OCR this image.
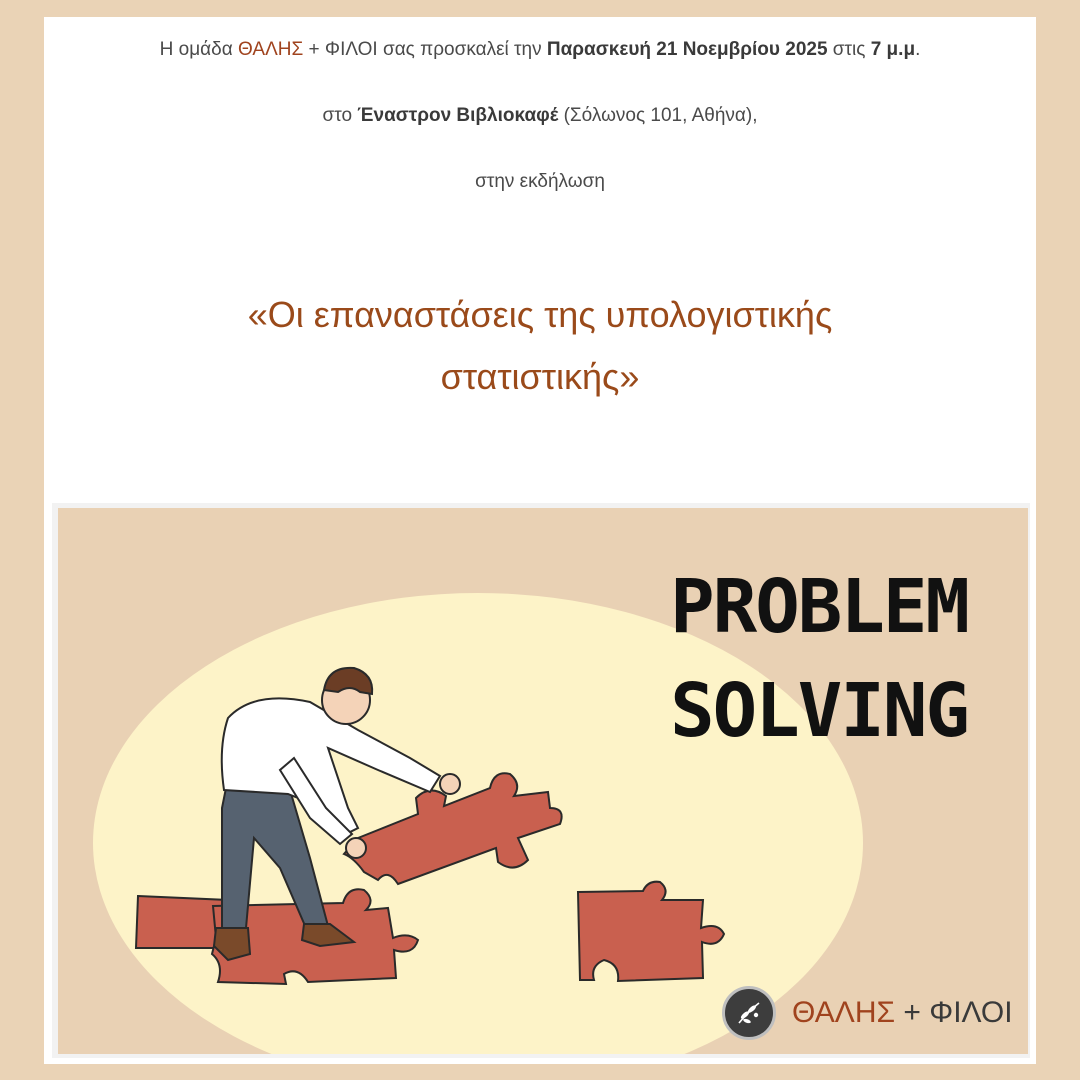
Η ομάδα ΘΑΛΗΣ + ΦΙΛΟΙ σας προσκαλεί την Παρασκευή 21 Νοεμβρίου 2025 στις 7 μ.μ.
στο Έναστρον Βιβλιοκαφέ (Σόλωνος 101, Αθήνα),
στην εκδήλωση
«Οι επαναστάσεις της υπολογιστικής
στατιστικής»
PROBLEM
SOLVING
ΘΑΛΗΣ + ΦΙΛΟΙ
